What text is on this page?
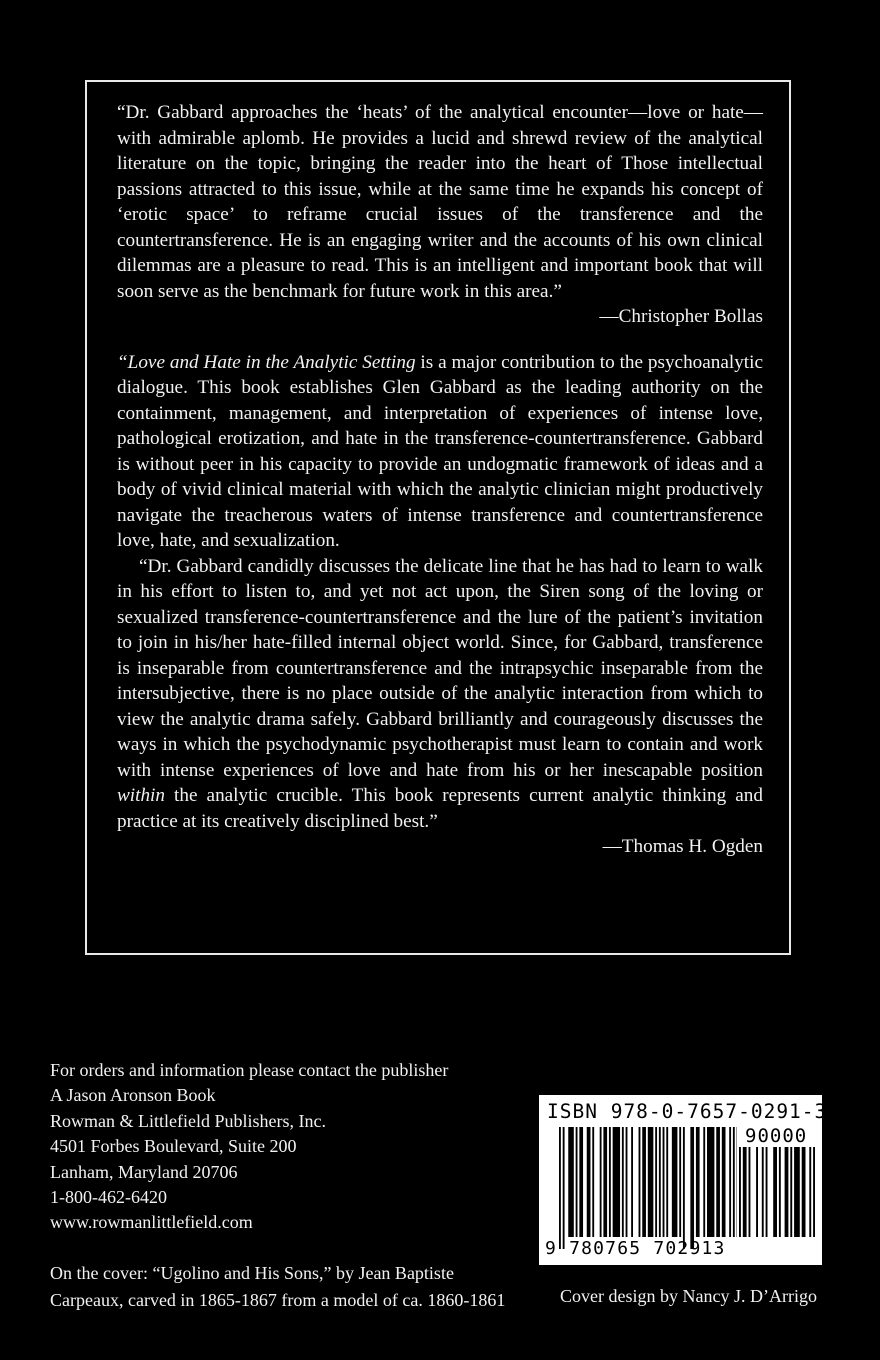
“Dr. Gabbard approaches the ‘heats’ of the analytical encounter—love or hate—with admirable aplomb. He provides a lucid and shrewd review of the analytical literature on the topic, bringing the reader into the heart of Those intellectual passions attracted to this issue, while at the same time he expands his concept of ‘erotic space’ to reframe crucial issues of the transference and the countertransference. He is an engaging writer and the accounts of his own clinical dilemmas are a pleasure to read. This is an intelligent and important book that will soon serve as the benchmark for future work in this area.”

—Christopher Bollas

“Love and Hate in the Analytic Setting is a major contribution to the psychoanalytic dialogue. This book establishes Glen Gabbard as the leading authority on the containment, management, and interpretation of experiences of intense love, pathological erotization, and hate in the transference-countertransference. Gabbard is without peer in his capacity to provide an undogmatic framework of ideas and a body of vivid clinical material with which the analytic clinician might productively navigate the treacherous waters of intense transference and countertransference love, hate, and sexualization.

“Dr. Gabbard candidly discusses the delicate line that he has had to learn to walk in his effort to listen to, and yet not act upon, the Siren song of the loving or sexualized transference-countertransference and the lure of the patient’s invitation to join in his/her hate-filled internal object world. Since, for Gabbard, transference is inseparable from countertransference and the intrapsychic inseparable from the intersubjective, there is no place outside of the analytic interaction from which to view the analytic drama safely. Gabbard brilliantly and courageously discusses the ways in which the psychodynamic psychotherapist must learn to contain and work with intense experiences of love and hate from his or her inescapable position within the analytic crucible. This book represents current analytic thinking and practice at its creatively disciplined best.”

—Thomas H. Ogden

For orders and information please contact the publisher
A Jason Aronson Book
Rowman & Littlefield Publishers, Inc.
4501 Forbes Boulevard, Suite 200
Lanham, Maryland 20706
1-800-462-6420
www.rowmanlittlefield.com
On the cover: “Ugolino and His Sons,” by Jean Baptiste
Carpeaux, carved in 1865-1867 from a model of ca. 1860-1861	Cover design by Nancy J. D’Arrigo
ISBN 978-0-7657-0291-3
90000
9 780765 702913
